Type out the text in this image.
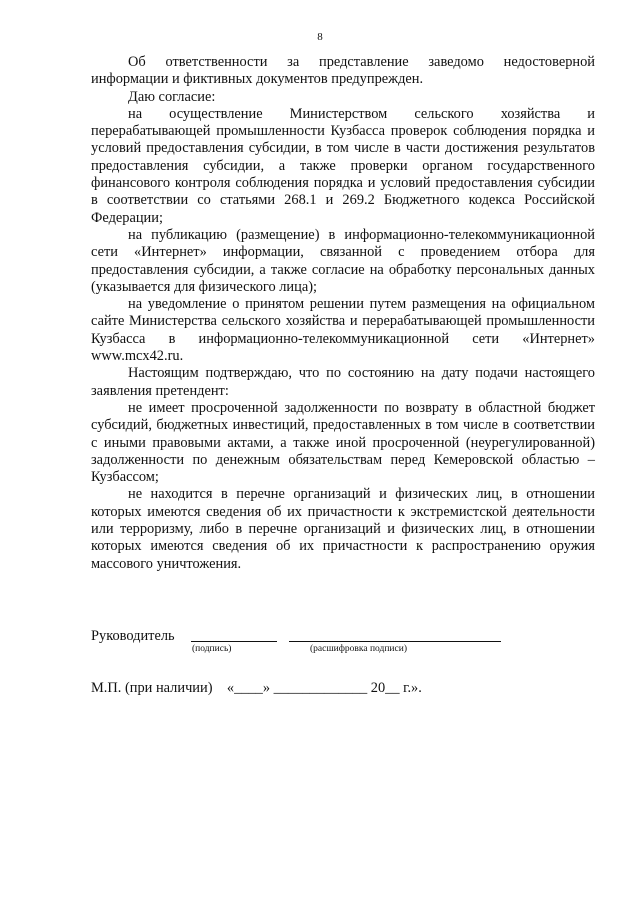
8

Об ответственности за представление заведомо недостоверной информации и фиктивных документов предупрежден.

Даю согласие:

на осуществление Министерством сельского хозяйства и перерабатывающей промышленности Кузбасса проверок соблюдения порядка и условий предоставления субсидии, в том числе в части достижения результатов предоставления субсидии, а также проверки органом государственного финансового контроля соблюдения порядка и условий предоставления субсидии в соответствии со статьями 268.1 и 269.2 Бюджетного кодекса Российской Федерации;

на публикацию (размещение) в информационно-телекоммуникационной сети «Интернет» информации, связанной с проведением отбора для предоставления субсидии, а также согласие на обработку персональных данных (указывается для физического лица);

на уведомление о принятом решении путем размещения на официальном сайте Министерства сельского хозяйства и перерабатывающей промышленности Кузбасса в информационно-телекоммуникационной сети «Интернет» www.mcx42.ru.

Настоящим подтверждаю, что по состоянию на дату подачи настоящего заявления претендент:

не имеет просроченной задолженности по возврату в областной бюджет субсидий, бюджетных инвестиций, предоставленных в том числе в соответствии с иными правовыми актами, а также иной просроченной (неурегулированной) задолженности по денежным обязательствам перед Кемеровской областью – Кузбассом;

не находится в перечне организаций и физических лиц, в отношении которых имеются сведения об их причастности к экстремистской деятельности или терроризму, либо в перечне организаций и физических лиц, в отношении которых имеются сведения об их причастности к распространению оружия массового уничтожения.

Руководитель
(подпись)	(расшифровка подписи)
М.П. (при наличии)    «____» _____________ 20__ г.».
